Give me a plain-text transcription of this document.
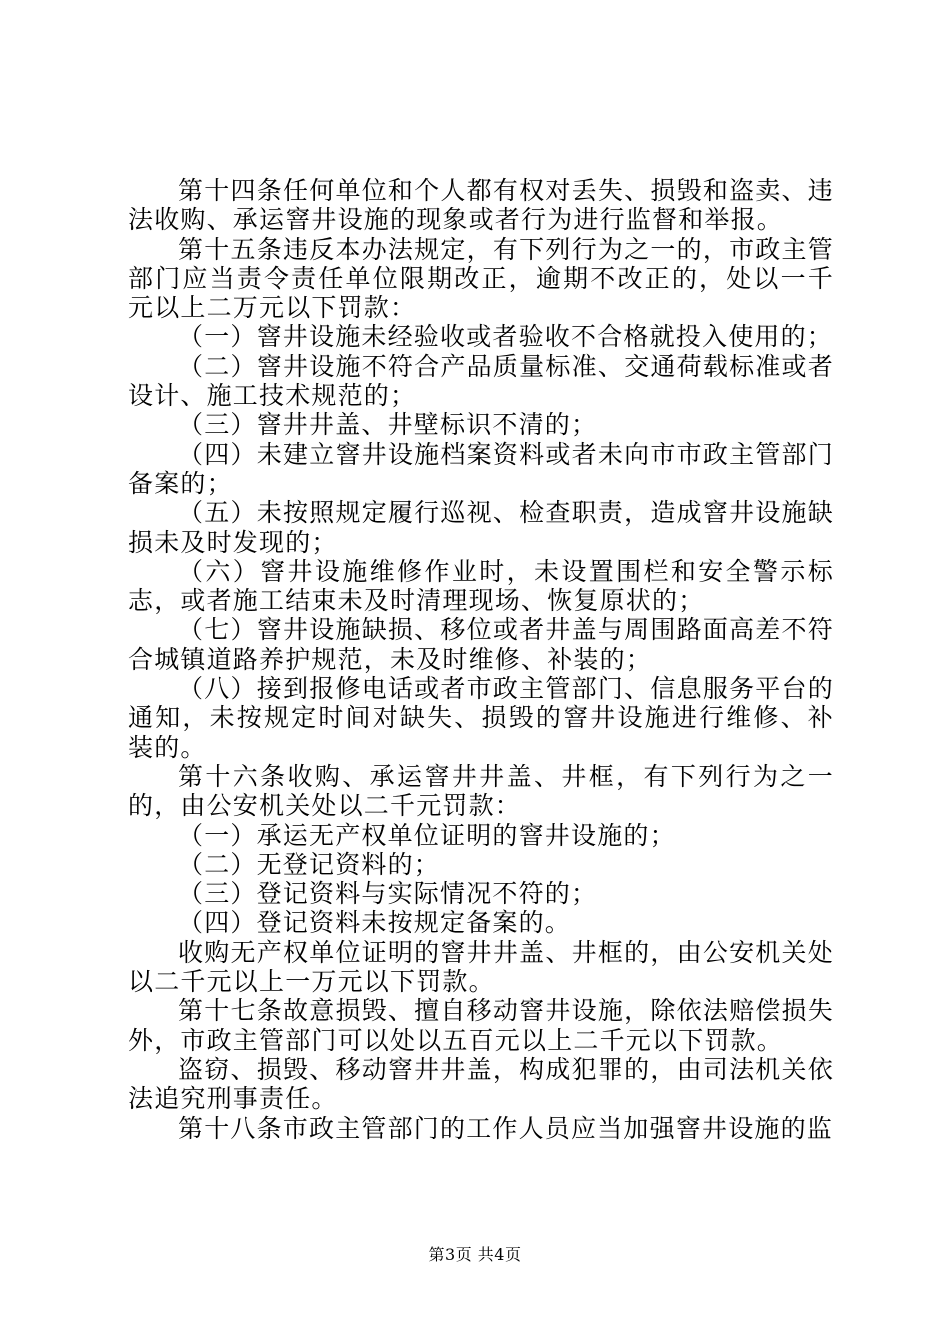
第十四条任何单位和个人都有权对丢失、损毁和盗卖、违法收购、承运窨井设施的现象或者行为进行监督和举报。

第十五条违反本办法规定，有下列行为之一的，市政主管部门应当责令责任单位限期改正，逾期不改正的，处以一千元以上二万元以下罚款：

（一）窨井设施未经验收或者验收不合格就投入使用的；

（二）窨井设施不符合产品质量标准、交通荷载标准或者设计、施工技术规范的；

（三）窨井井盖、井壁标识不清的；

（四）未建立窨井设施档案资料或者未向市市政主管部门备案的；

（五）未按照规定履行巡视、检查职责，造成窨井设施缺损未及时发现的；

（六）窨井设施维修作业时，未设置围栏和安全警示标志，或者施工结束未及时清理现场、恢复原状的；

（七）窨井设施缺损、移位或者井盖与周围路面高差不符合城镇道路养护规范，未及时维修、补装的；

（八）接到报修电话或者市政主管部门、信息服务平台的通知，未按规定时间对缺失、损毁的窨井设施进行维修、补装的。

第十六条收购、承运窨井井盖、井框，有下列行为之一的，由公安机关处以二千元罚款：

（一）承运无产权单位证明的窨井设施的；

（二）无登记资料的；

（三）登记资料与实际情况不符的；

（四）登记资料未按规定备案的。

收购无产权单位证明的窨井井盖、井框的，由公安机关处以二千元以上一万元以下罚款。

第十七条故意损毁、擅自移动窨井设施，除依法赔偿损失外，市政主管部门可以处以五百元以上二千元以下罚款。

盗窃、损毁、移动窨井井盖，构成犯罪的，由司法机关依法追究刑事责任。

第十八条市政主管部门的工作人员应当加强窨井设施的监

第3页 共4页
